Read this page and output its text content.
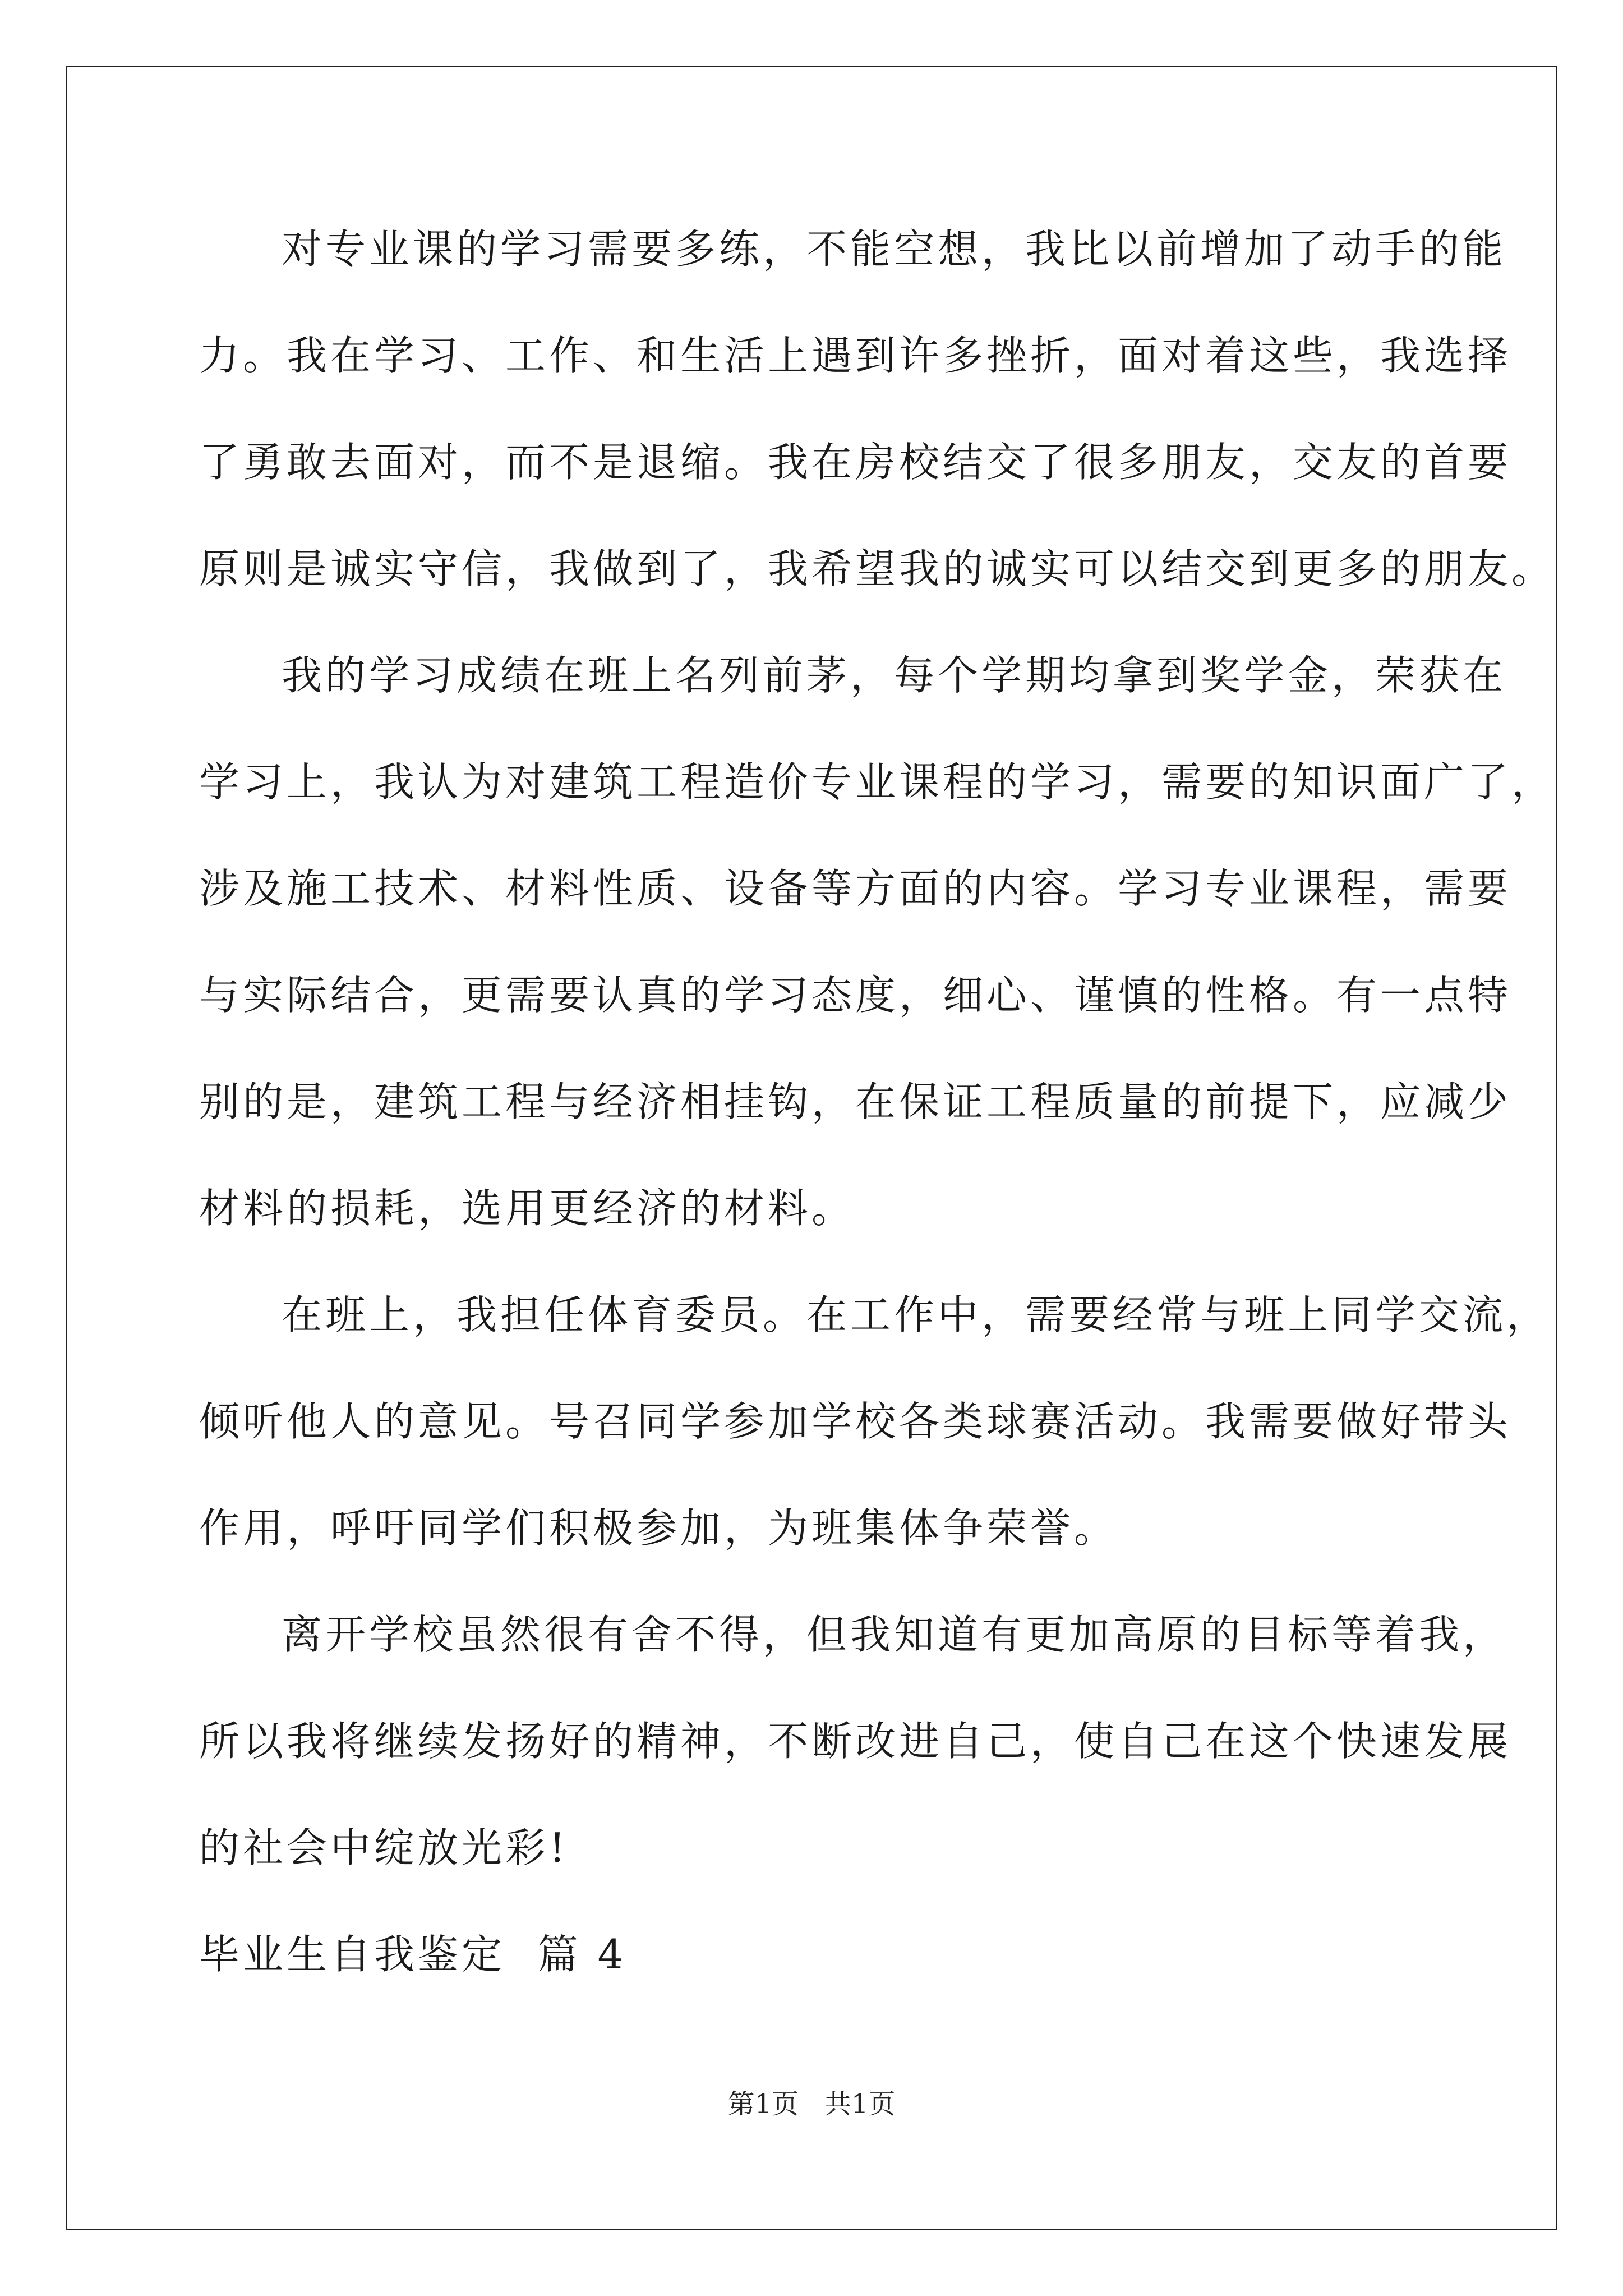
对专业课的学习需要多练，不能空想，我比以前增加了动手的能
力。我在学习、工作、和生活上遇到许多挫折，面对着这些，我选择
了勇敢去面对，而不是退缩。我在房校结交了很多朋友，交友的首要
原则是诚实守信，我做到了，我希望我的诚实可以结交到更多的朋友。
我的学习成绩在班上名列前茅，每个学期均拿到奖学金，荣获在
学习上，我认为对建筑工程造价专业课程的学习，需要的知识面广了，
涉及施工技术、材料性质、设备等方面的内容。学习专业课程，需要
与实际结合，更需要认真的学习态度，细心、谨慎的性格。有一点特
别的是，建筑工程与经济相挂钩，在保证工程质量的前提下，应减少
材料的损耗，选用更经济的材料。
在班上，我担任体育委员。在工作中，需要经常与班上同学交流，
倾听他人的意见。号召同学参加学校各类球赛活动。我需要做好带头
作用，呼吁同学们积极参加，为班集体争荣誉。
离开学校虽然很有舍不得，但我知道有更加高原的目标等着我，
所以我将继续发扬好的精神，不断改进自己，使自己在这个快速发展
的社会中绽放光彩!
毕业生自我鉴定  篇 4
第1页   共1页
